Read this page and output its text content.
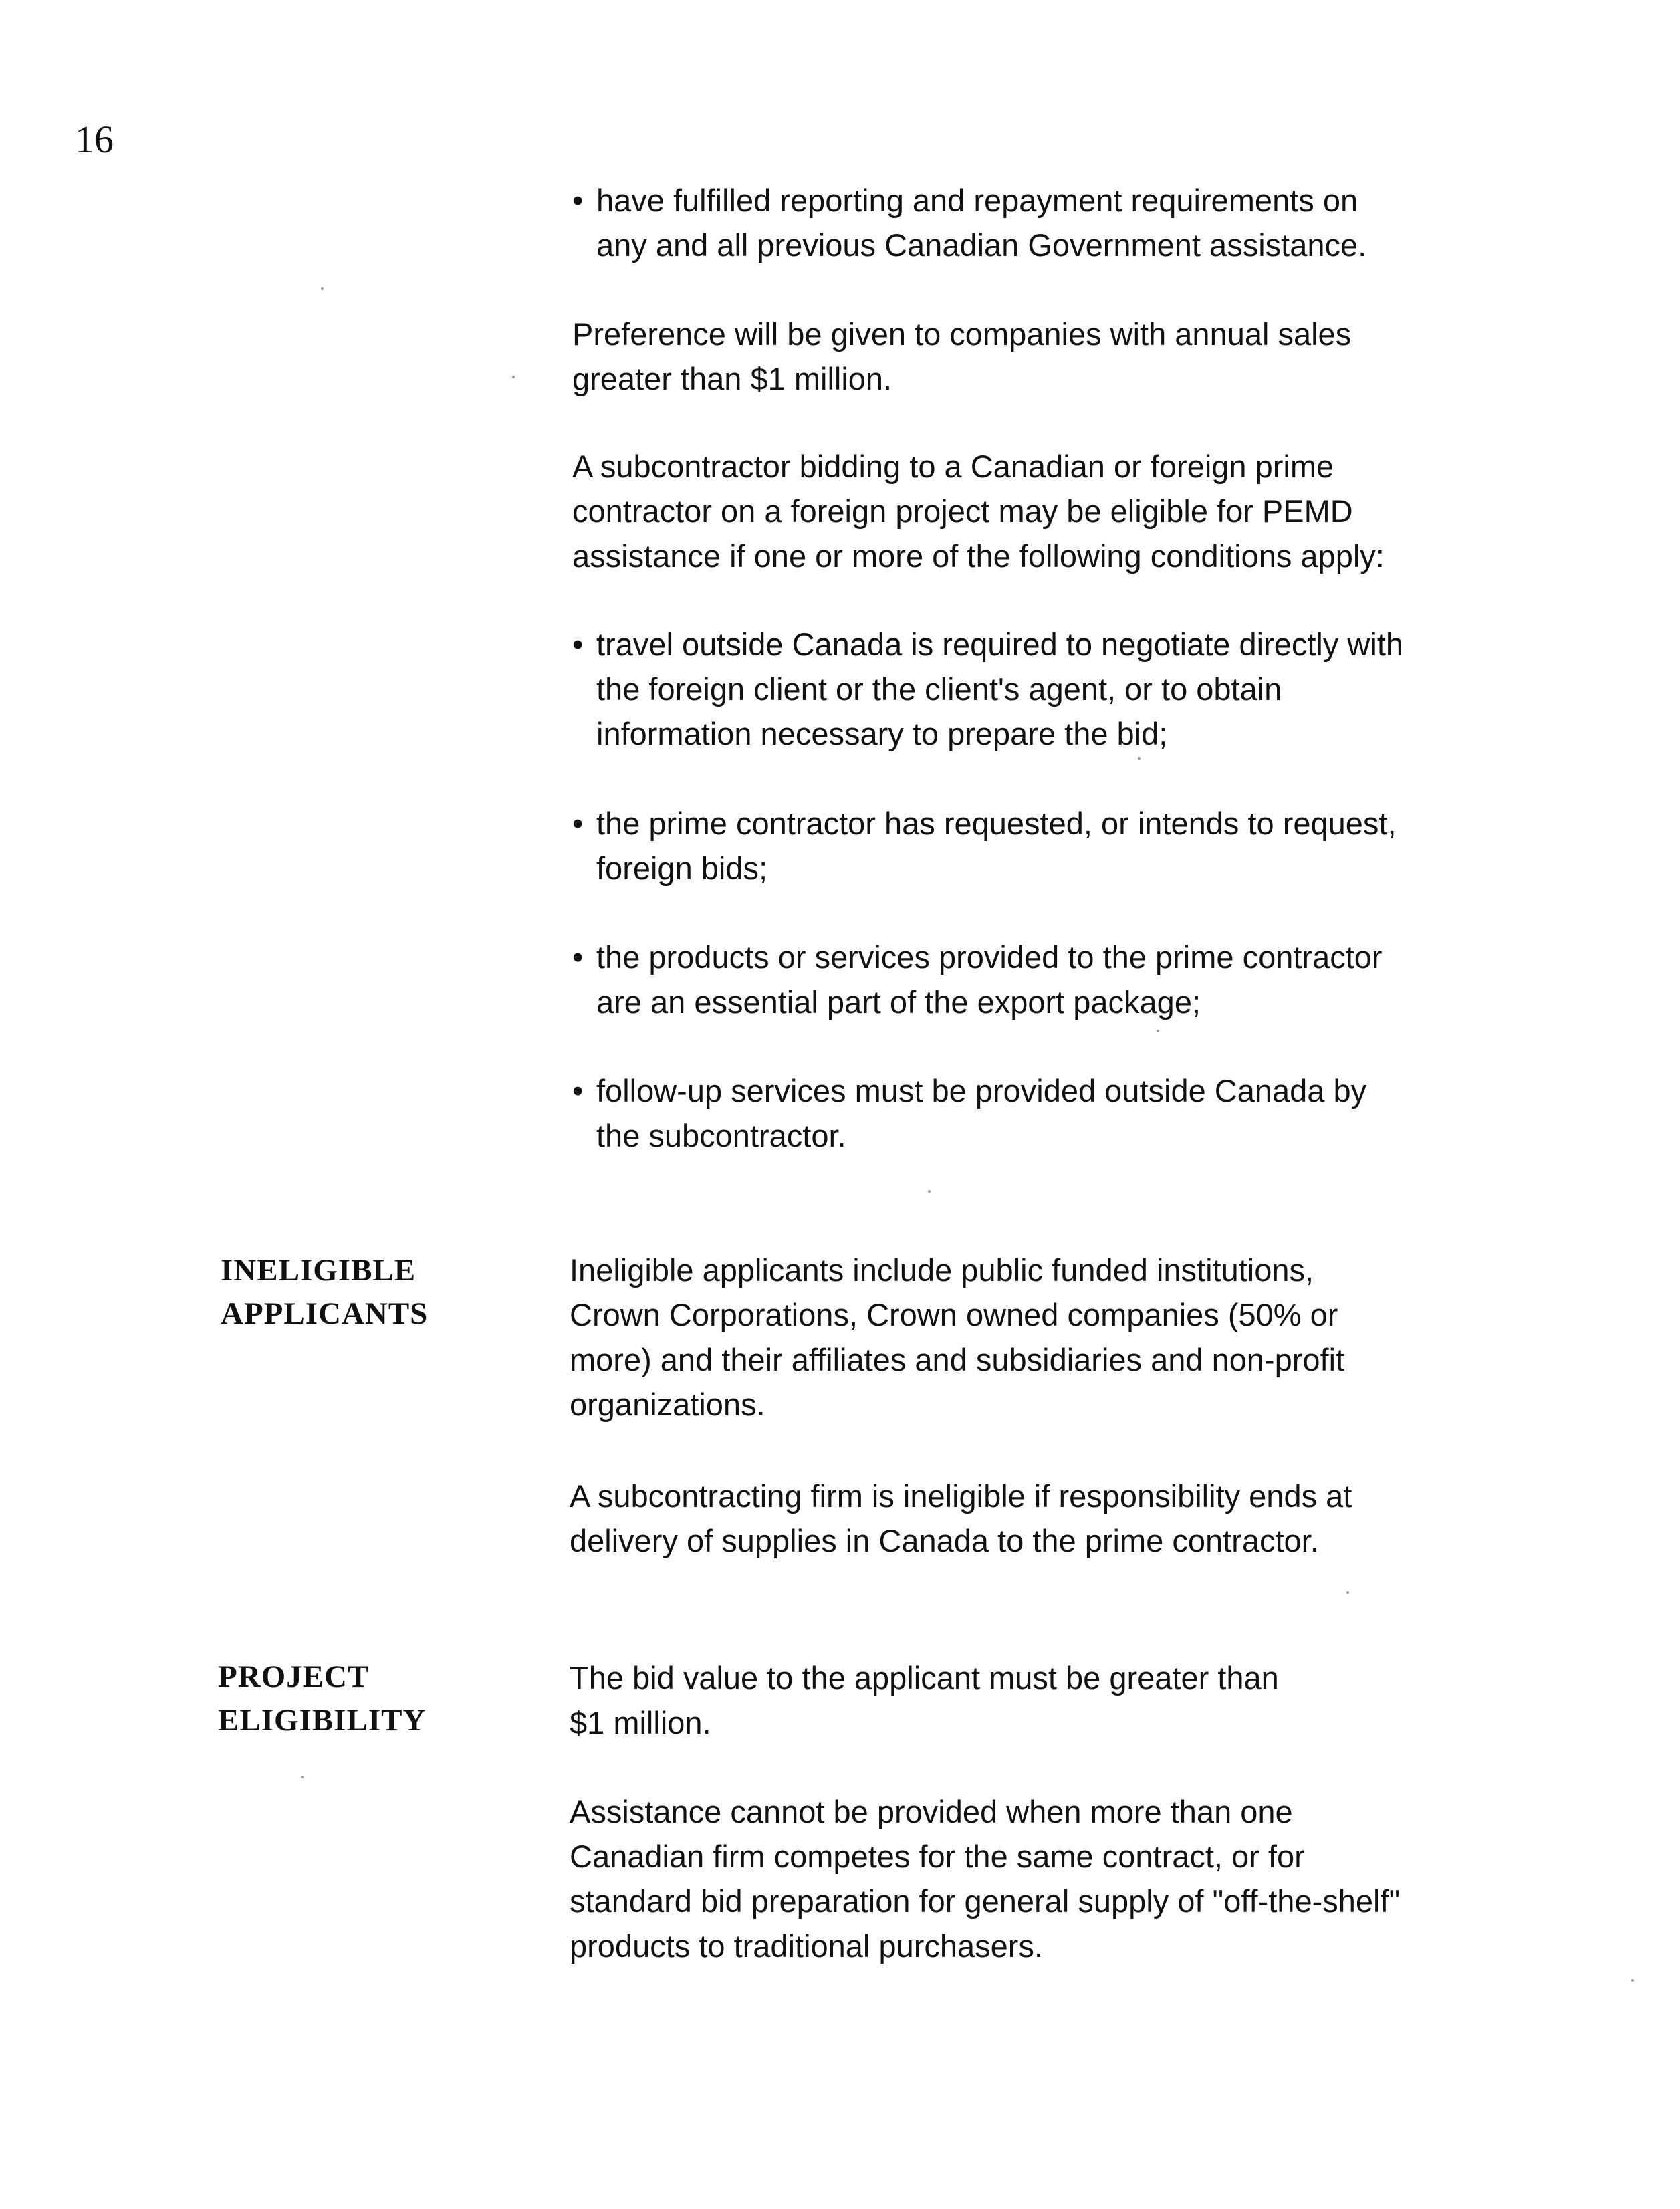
16
• have fulfilled reporting and repayment requirements on
any and all previous Canadian Government assistance.
Preference will be given to companies with annual sales
greater than $1 million.
A subcontractor bidding to a Canadian or foreign prime
contractor on a foreign project may be eligible for PEMD
assistance if one or more of the following conditions apply:
• travel outside Canada is required to negotiate directly with
the foreign client or the client's agent, or to obtain
information necessary to prepare the bid;
• the prime contractor has requested, or intends to request,
foreign bids;
• the products or services provided to the prime contractor
are an essential part of the export package;
• follow-up services must be provided outside Canada by
the subcontractor.
INELIGIBLE
APPLICANTS
Ineligible applicants include public funded institutions,
Crown Corporations, Crown owned companies (50% or
more) and their affiliates and subsidiaries and non-profit
organizations.
A subcontracting firm is ineligible if responsibility ends at
delivery of supplies in Canada to the prime contractor.
PROJECT
ELIGIBILITY
The bid value to the applicant must be greater than
$1 million.
Assistance cannot be provided when more than one
Canadian firm competes for the same contract, or for
standard bid preparation for general supply of "off-the-shelf"
products to traditional purchasers.
